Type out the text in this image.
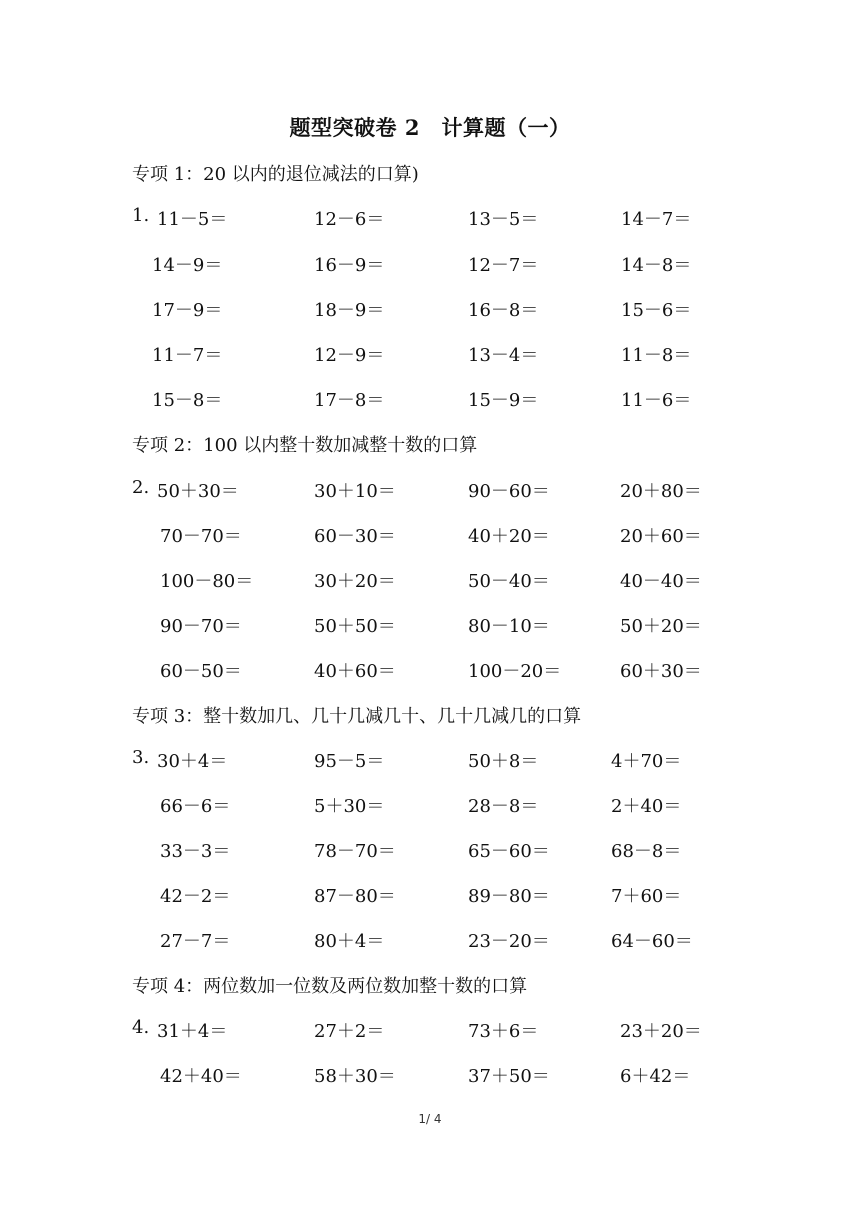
题型突破卷 2　计算题（一）
专项 1：20 以内的退位减法的口算)
1. 11－5＝	12－6＝	13－5＝	14－7＝
14－9＝	16－9＝	12－7＝	14－8＝
17－9＝	18－9＝	16－8＝	15－6＝
11－7＝	12－9＝	13－4＝	11－8＝
15－8＝	17－8＝	15－9＝	11－6＝
专项 2：100 以内整十数加减整十数的口算
2. 50＋30＝	30＋10＝	90－60＝	20＋80＝
70－70＝	60－30＝	40＋20＝	20＋60＝
100－80＝	30＋20＝	50－40＝	40－40＝
90－70＝	50＋50＝	80－10＝	50＋20＝
60－50＝	40＋60＝	100－20＝	60＋30＝
专项 3：整十数加几、几十几减几十、几十几减几的口算
3. 30＋4＝	95－5＝	50＋8＝	4＋70＝
66－6＝	5＋30＝	28－8＝	2＋40＝
33－3＝	78－70＝	65－60＝	68－8＝
42－2＝	87－80＝	89－80＝	7＋60＝
27－7＝	80＋4＝	23－20＝	64－60＝
专项 4：两位数加一位数及两位数加整十数的口算
4. 31＋4＝	27＋2＝	73＋6＝	23＋20＝
42＋40＝	58＋30＝	37＋50＝	6＋42＝
1/ 4
